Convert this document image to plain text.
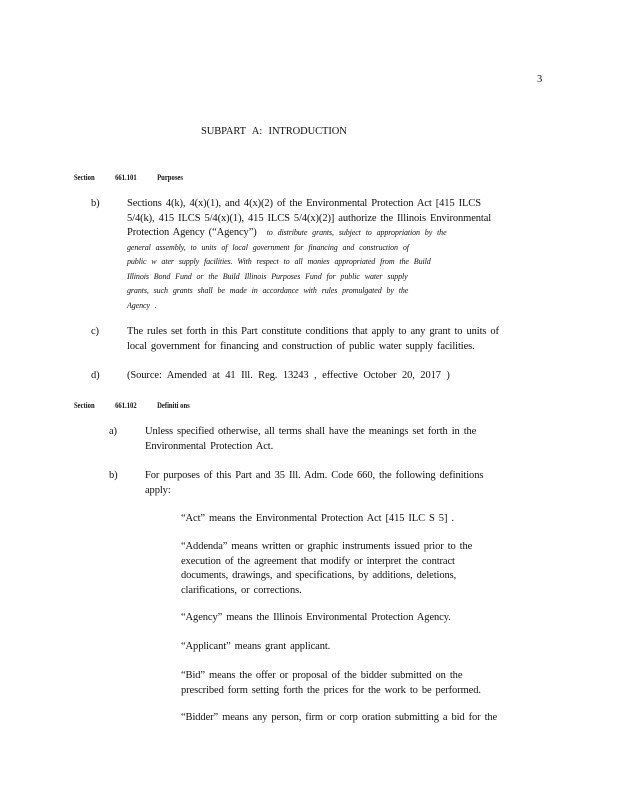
3
SUBPART A: INTRODUCTION
Section 661.101 Purposes
b)	Sections 4(k), 4(x)(1), and 4(x)(2) of the Environmental Protection Act [415 ILCS
5/4(k), 415 ILCS 5/4(x)(1), 415 ILCS 5/4(x)(2)] authorize the Illinois Environmental
Protection Agency (“Agency”) to distribute grants, subject to appropriation by the
general assembly, to units of local government for financing and construction of
public w ater supply facilities. With respect to all monies appropriated from the Build
Illinois Bond Fund or the Build Illinois Purposes Fund for public water supply
grants, such grants shall be made in accordance with rules promulgated by the
Agency .
c)	The rules set forth in this Part constitute conditions that apply to any grant to units of
local government for financing and construction of public water supply facilities.
d)	(Source: Amended at 41 Ill. Reg. 13243 , effective October 20, 2017 )
Section 661.102 Definiti ons
a)	Unless specified otherwise, all terms shall have the meanings set forth in the
Environmental Protection Act.
b)	For purposes of this Part and 35 Ill. Adm. Code 660, the following definitions
apply:
“Act” means the Environmental Protection Act [415 ILC S 5] .
“Addenda” means written or graphic instruments issued prior to the
execution of the agreement that modify or interpret the contract
documents, drawings, and specifications, by additions, deletions,
clarifications, or corrections.
“Agency” means the Illinois Environmental Protection Agency.
“Applicant” means grant applicant.
“Bid” means the offer or proposal of the bidder submitted on the
prescribed form setting forth the prices for the work to be performed.
“Bidder” means any person, firm or corp oration submitting a bid for the
